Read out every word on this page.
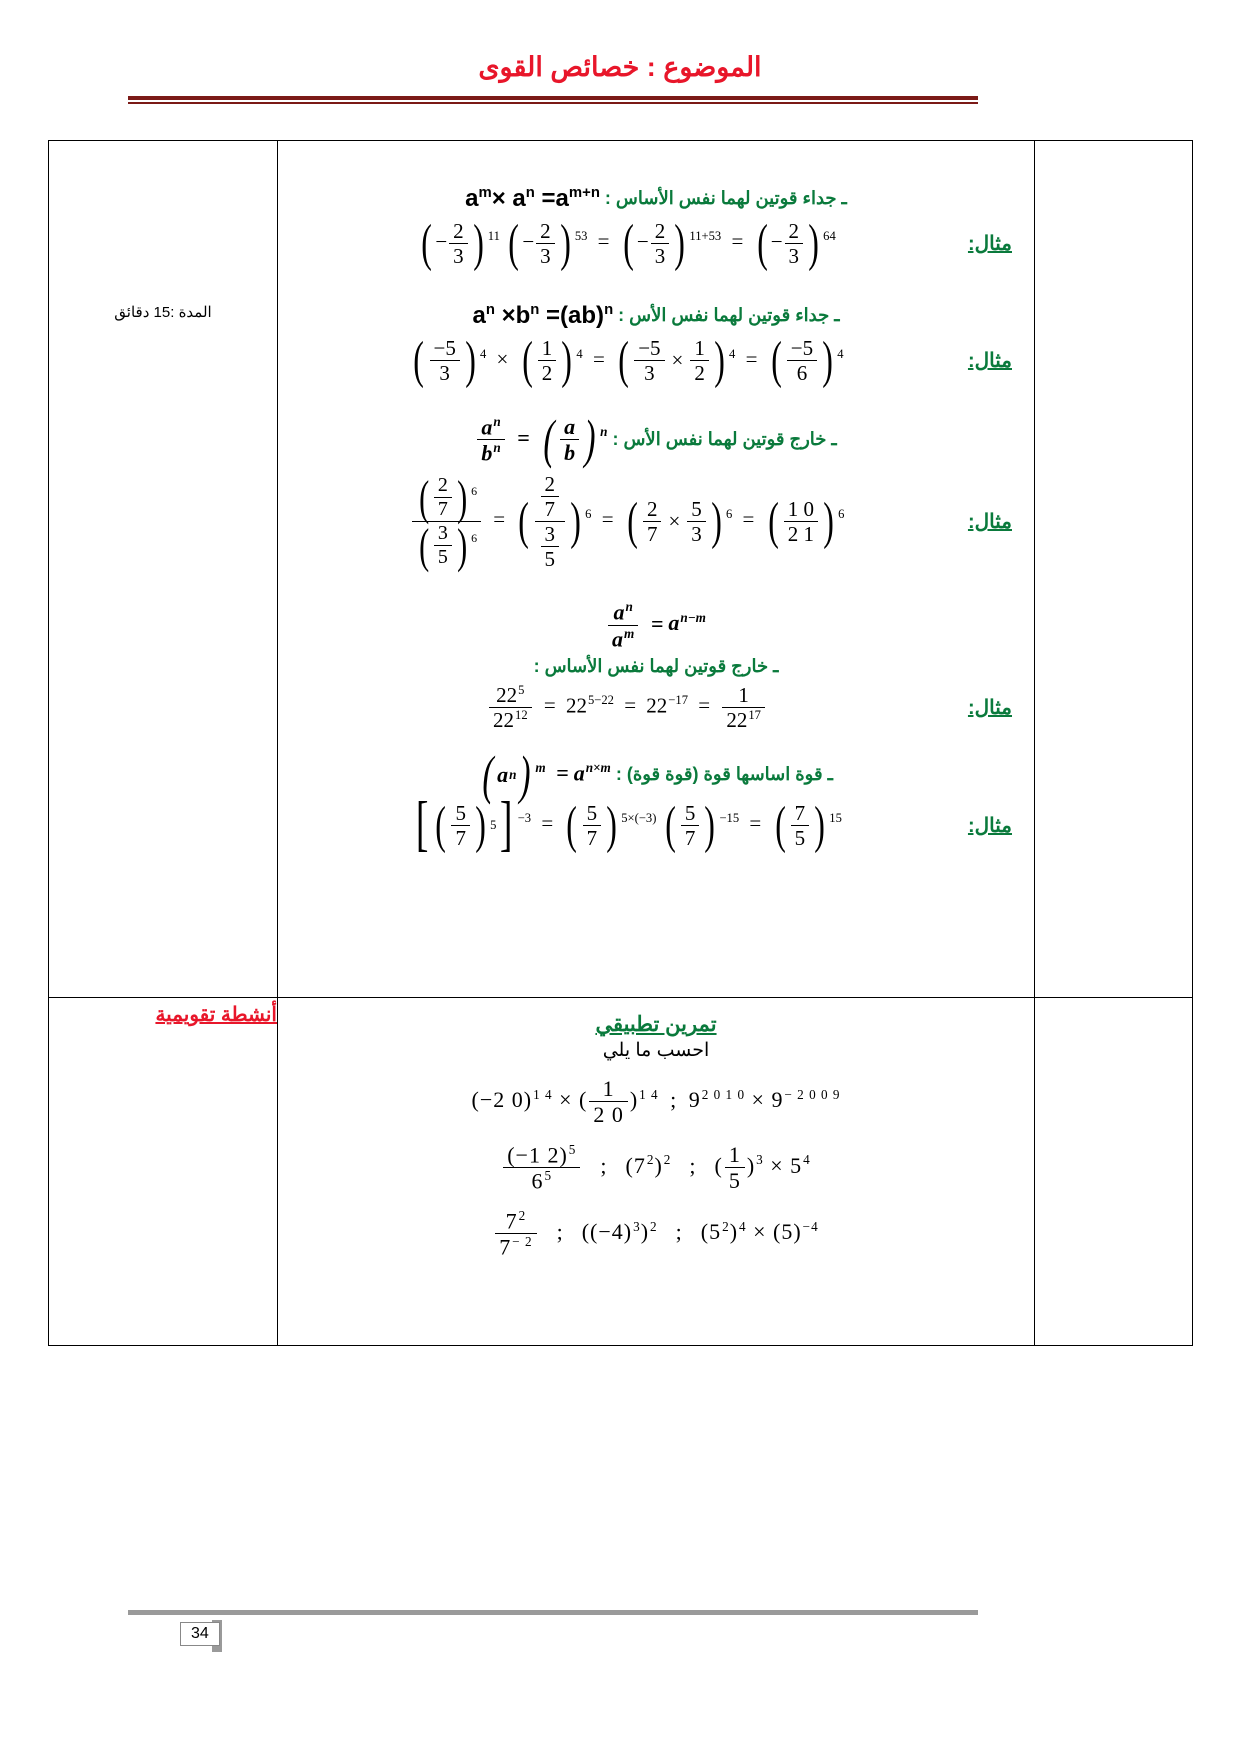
الموضوع : خصائص القوى
ـ جداء قوتين لهما نفس الأساس : $a^m\times a^n =a^{m+n}$
مثال:
( − $\frac{2}{3}$ ) $^{11}$ ( − $\frac{2}{3}$ ) $^{53}$ = ( − $\frac{2}{3}$ ) $^{11+53}$ = ( − $\frac{2}{3}$ ) $^{64}$
ـ جداء قوتين لهما نفس الأس : $a^n \times b^n =(ab)^n$
مثال:
( $\frac{-5}{3}$ ) $^4$ × ( $\frac{1}{2}$ ) $^4$ = ( $\frac{-5}{3} \times \frac{1}{2}$ ) $^4$ = ( $\frac{-5}{6}$ ) $^4$
ـ خارج قوتين لهما نفس الأس :
$\frac{a^n}{b^n}$ = ( $\frac{a}{b}$ ) $^n$
مثال:
$\frac{( \frac{2}{7} ) ^6}{( \frac{3}{5} ) ^6}$ = ( $\frac{\frac{2}{7}}{\frac{3}{5}}$ ) $^6$ = ( $\frac{2}{7} \times \frac{5}{3}$ ) $^6$ = ( $\frac{1 0}{2 1}$ ) $^6$
$\frac{a^n}{a^m} = a^{n-m}$
ـ خارج قوتين لهما نفس الأساس :
مثال:
$\frac{22^5}{22^{12}} = 22^{5-22} = 22^{-17} = \frac{1}{22^{17}}$
ـ قوة اساسها قوة (قوة قوة) :
( a n ) $^m = a^{n\times m}$
مثال:
[ ( $\frac{5}{7}$ ) 5 ] $^{-3}$ = ( $\frac{5}{7}$ ) $^{5\times(-3)}$ ( $\frac{5}{7}$ ) $^{-15}$ = ( $\frac{7}{5}$ ) $^{15}$
المدة :15 دقائق
تمرين تطبيقي
احسب ما يلي
(−2 0)$^{1 4}$ × ( $\frac{1}{2 0} )^{1 4}$ ; $9^{2 0 1 0} \times 9^{- 2 0 0 9}$
$\frac{(-1 2)^5}{6^5}$ ;  $(7^2)^2$  ;  ( $\frac{1}{5} )^3 \times 5^4$
$\frac{7^2}{7^{- 2}}$ ;  $((-4)^3)^2$  ;  $(5^2)^4 \times (5)^{-4}$
أنشطة تقويمية
34
